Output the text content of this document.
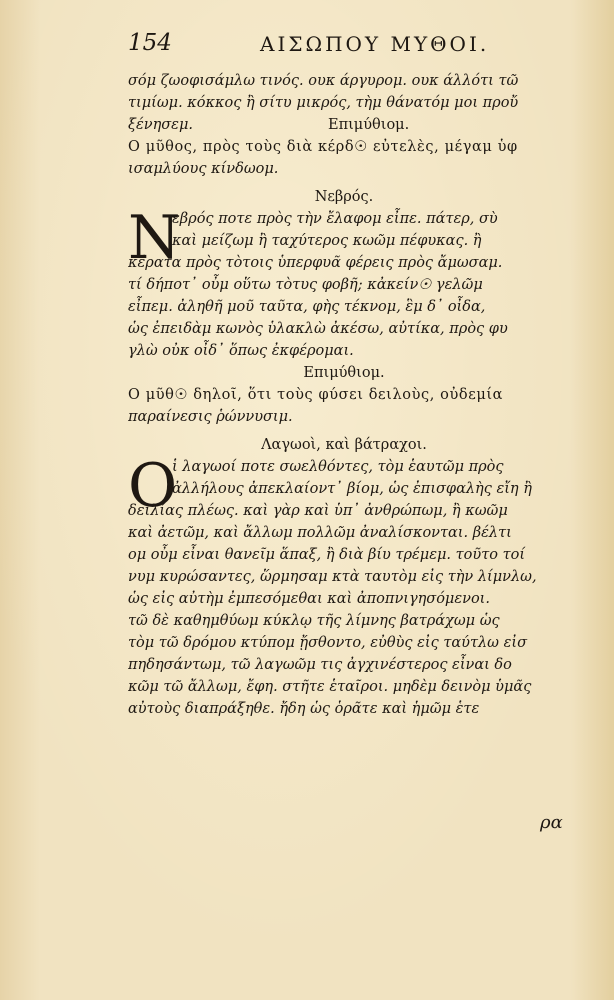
154	ΑΙΣΩΠΟΥ ΜΥΘΟΙ.
σόμ ζωοφισάμλω τινός. ουκ άργυρομ. ουκ άλλότι τῶ
τιμίωμ. κόκκος ἢ σίτυ μικρός, τὴμ θάνατόμ μοι προὔ
ξένησεμ.	Επιμύθιομ.
Ο μῦθος, πρὸς τοὺς διὰ κέρδ☉ εὐτελὲς, μέγαμ ὑφ
ισαμλύους κίνδωομ.
Νεβρός.
Ν
εβρός ποτε πρὸς τὴν ἔλαφομ εἶπε. πάτερ, σὺ
καὶ μείζωμ ἢ ταχύτερος κωῶμ πέφυκας. ἢ
κέρατα πρὸς τὸτοις ὑπερφυᾶ φέρεις πρὸς ἄμωσαμ.
τί δήποτ᾽ οὖμ οὕτω τὸτυς φοβῆ; κἀκείν☉ γελῶμ
εἶπεμ. ἀληθῆ μοῦ ταῦτα, φὴς τέκνομ, ἓμ δ᾽ οἶδα,
ὡς ἐπειδὰμ κωνὸς ὑλακλὼ ἀκέσω, αὐτίκα, πρὸς φυ
γλὼ οὐκ οἶδ᾽ ὅπως ἐκφέρομαι.
Επιμύθιομ.
Ο μῦθ☉ δηλοῖ, ὅτι τοὺς φύσει δειλοὺς, οὐδεμία
παραίνεσις ῥώννυσιμ.
Λαγωοὶ, καὶ βάτραχοι.
Ο
ἱ λαγωοί ποτε σωελθόντες, τὸμ ἑαυτῶμ πρὸς
ἀλλήλους ἀπεκλαίοντ᾽ βίομ, ὡς ἐπισφαλὴς εἴη ἢ
δειλίας πλέως. καὶ γὰρ καὶ ὑπ᾽ ἀνθρώπωμ, ἢ κωῶμ
καὶ ἀετῶμ, καὶ ἄλλωμ πολλῶμ ἀναλίσκονται. βέλτι
ομ οὖμ εἶναι θανεῖμ ἅπαξ, ἢ διὰ βίυ τρέμεμ. τοῦτο τοί
νυμ κυρώσαντες, ὥρμησαμ κτὰ ταυτὸμ εἰς τὴν λίμνλω,
ὡς εἰς αὐτὴμ ἐμπεσόμεθαι καὶ ἀποπνιγησόμενοι.
τῶ δὲ καθημθύωμ κύκλῳ τῆς λίμνης βατράχωμ ὡς
τὸμ τῶ δρόμου κτύπομ ᾔσθοντο, εὐθὺς εἰς ταύτλω εἰσ
πηδησάντωμ, τῶ λαγωῶμ τις ἀγχινέστερος εἶναι δο
κῶμ τῶ ἄλλωμ, ἔφη. στῆτε ἑταῖροι. μηδὲμ δεινὸμ ὑμᾶς
αὐτοὺς διαπράξηθε. ἤδη ὡς ὁρᾶτε καὶ ἡμῶμ ἑτε
ρα
